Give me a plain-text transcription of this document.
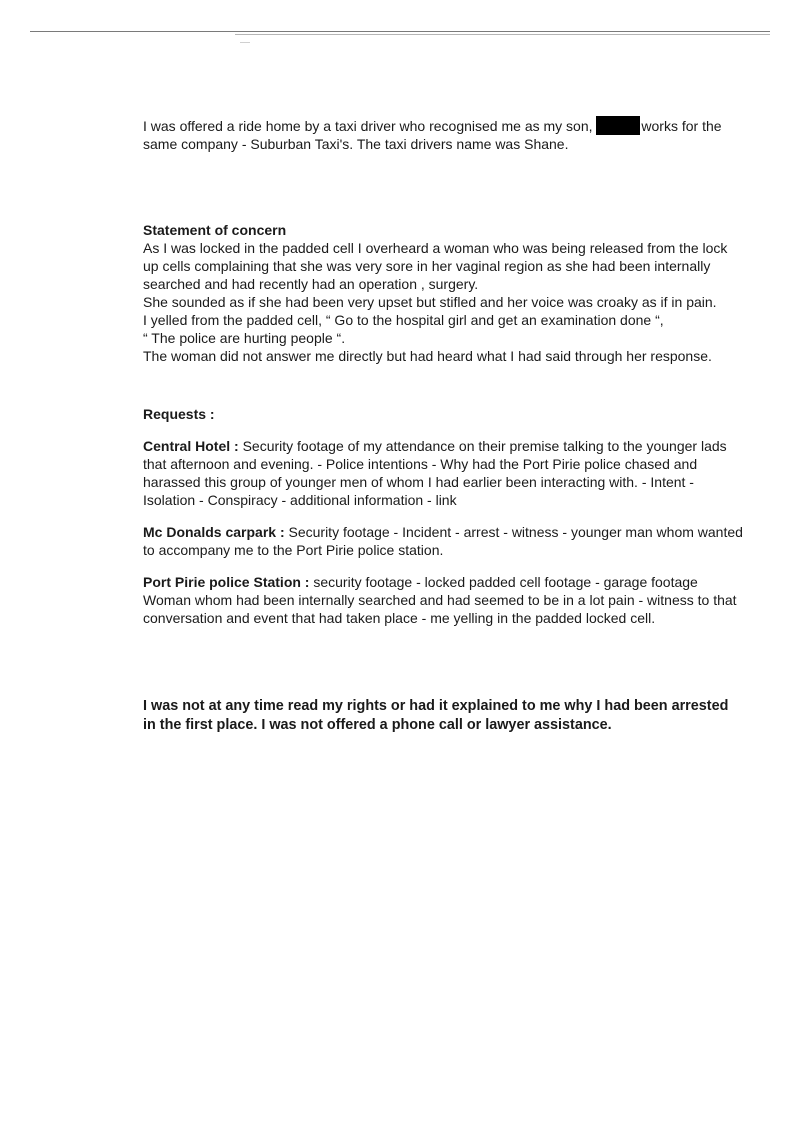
I was offered a ride home by a taxi driver who recognised me as my son,	works for the same company - Suburban Taxi's. The taxi drivers name was Shane.

Statement of concern

As I was locked in the padded cell I overheard a woman who was being released from the lock up cells complaining that she was very sore in her vaginal region as she had been internally searched and had recently had an operation , surgery.

She sounded as if she had been very upset but stifled and her voice was croaky as if in pain.

I yelled from the padded cell, “ Go to the hospital girl and get an examination done “,

“ The police are hurting people “.

The woman did not answer me directly but had heard what I had said through her response.

Requests :

Central Hotel : Security footage of my attendance on their premise talking to the younger lads that afternoon and evening. - Police intentions - Why had the Port Pirie police chased and harassed this group of younger men of whom I had earlier been interacting with. - Intent - Isolation - Conspiracy - additional information - link

Mc Donalds carpark : Security footage - Incident - arrest - witness - younger man whom wanted to accompany me to the Port Pirie police station.

Port Pirie police Station : security footage - locked padded cell footage - garage footage Woman whom had been internally searched and had seemed to be in a lot pain - witness to that conversation and event that had taken place - me yelling in the padded locked cell.

I was not at any time read my rights or had it explained to me why I had been arrested in the first place. I was not offered a phone call or lawyer assistance.
